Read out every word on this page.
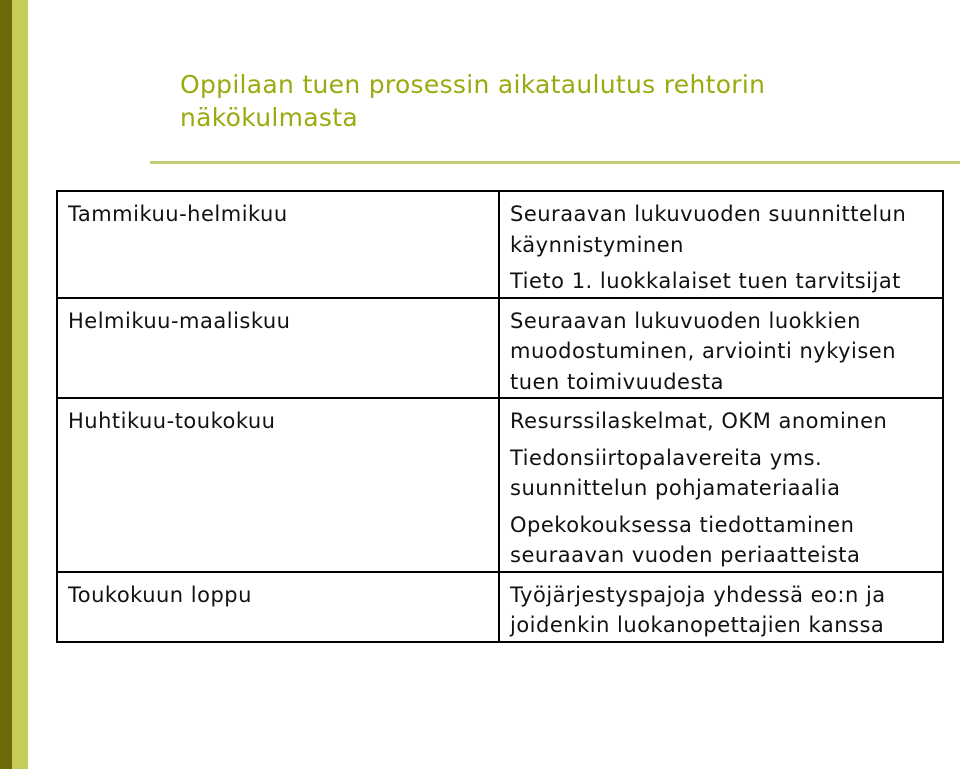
Oppilaan tuen prosessin aikataulutus rehtorin näkökulmasta
Tammikuu-helmikuu	Seuraavan lukuvuoden suunnittelun käynnistyminen
Tieto 1. luokkalaiset tuen tarvitsijat

Helmikuu-maaliskuu	Seuraavan lukuvuoden luokkien muodostuminen, arviointi nykyisen tuen toimivuudesta

Huhtikuu-toukokuu	Resurssilaskelmat, OKM anominen
Tiedonsiirtopalavereita yms. suunnittelun pohjamateriaalia
Opekokouksessa tiedottaminen seuraavan vuoden periaatteista

Toukokuun loppu	Työjärjestyspajoja yhdessä eo:n ja joidenkin luokanopettajien kanssa
